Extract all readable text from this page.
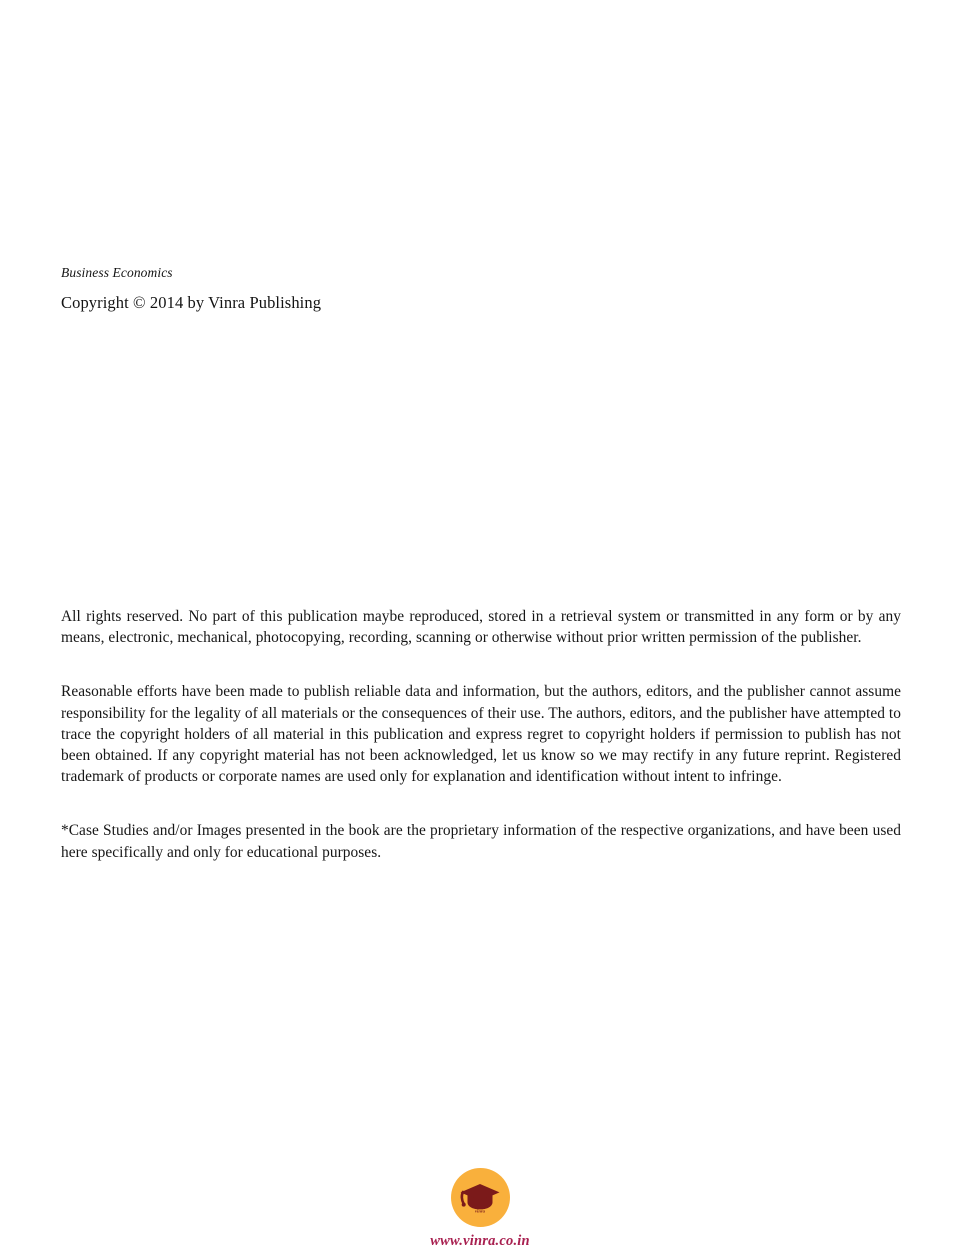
Business Economics
Copyright © 2014 by Vinra Publishing

All rights reserved. No part of this publication maybe reproduced, stored in a retrieval system or transmitted in any form or by any means, electronic, mechanical, photocopying, recording, scanning or otherwise without prior written permission of the publisher.

Reasonable efforts have been made to publish reliable data and information, but the authors, editors, and the publisher cannot assume responsibility for the legality of all materials or the consequences of their use. The authors, editors, and the publisher have attempted to trace the copyright holders of all material in this publication and express regret to copyright holders if permission to publish has not been obtained. If any copyright material has not been acknowledged, let us know so we may rectify in any future reprint. Registered trademark of products or corporate names are used only for explanation and identification without intent to infringe.

*Case Studies and/or Images presented in the book are the proprietary information of the respective organizations, and have been used here specifically and only for educational purposes.

vinra
www.vinra.co.in
